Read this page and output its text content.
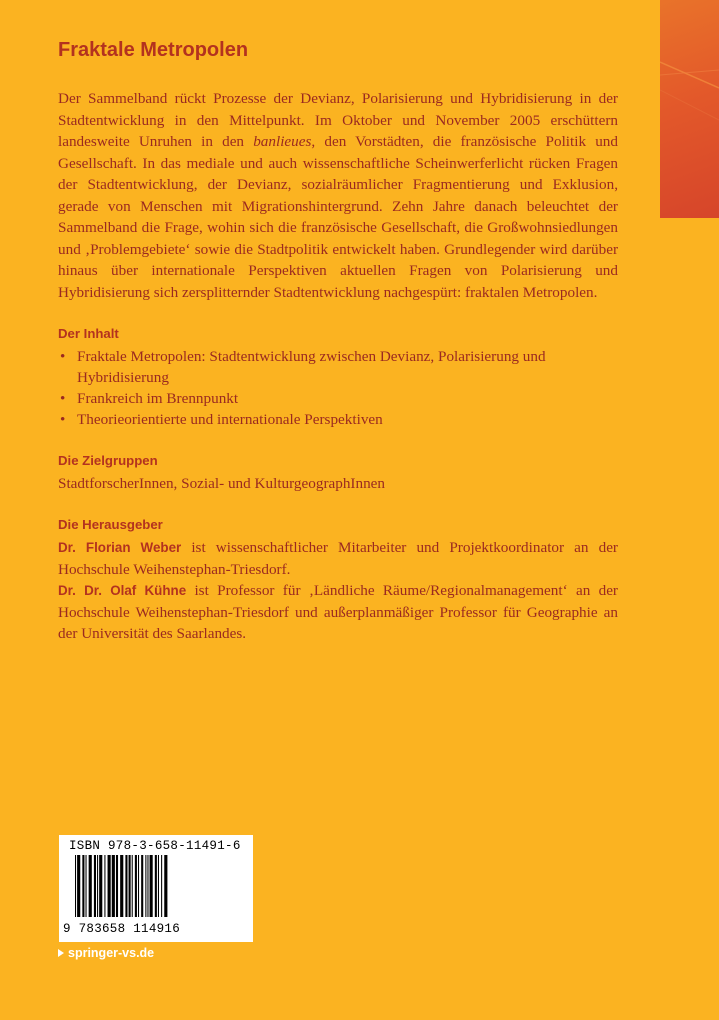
Fraktale Metropolen

Der Sammelband rückt Prozesse der Devianz, Polarisierung und Hybridisierung in der Stadtentwicklung in den Mittelpunkt. Im Oktober und November 2005 erschüttern landesweite Unruhen in den banlieues, den Vorstädten, die französische Politik und Gesellschaft. In das mediale und auch wissenschaftliche Scheinwerferlicht rücken Fragen der Stadtentwicklung, der Devianz, sozialräumlicher Fragmentierung und Exklusion, gerade von Menschen mit Migrationshintergrund. Zehn Jahre danach beleuchtet der Sammelband die Frage, wohin sich die französische Gesellschaft, die Großwohnsiedlungen und ‚Problemgebiete‘ sowie die Stadtpolitik entwickelt haben. Grundlegender wird darüber hinaus über internationale Perspektiven aktuellen Fragen von Polarisierung und Hybridisierung sich zersplitternder Stadtentwicklung nachgespürt: fraktalen Metropolen.

Der Inhalt
• Fraktale Metropolen: Stadtentwicklung zwischen Devianz, Polarisierung und Hybridisierung
• Frankreich im Brennpunkt
• Theorieorientierte und internationale Perspektiven
Die Zielgruppen

StadtforscherInnen, Sozial- und KulturgeographInnen

Die Herausgeber

Dr. Florian Weber ist wissenschaftlicher Mitarbeiter und Projektkoordinator an der Hochschule Weihenstephan-Triesdorf.

Dr. Dr. Olaf Kühne ist Professor für ‚Ländliche Räume/Regionalmanagement‘ an der Hochschule Weihenstephan-Triesdorf und außerplanmäßiger Professor für Geographie an der Universität des Saarlandes.

ISBN 978-3-658-11491-6
9 783658 114916
springer-vs.de
